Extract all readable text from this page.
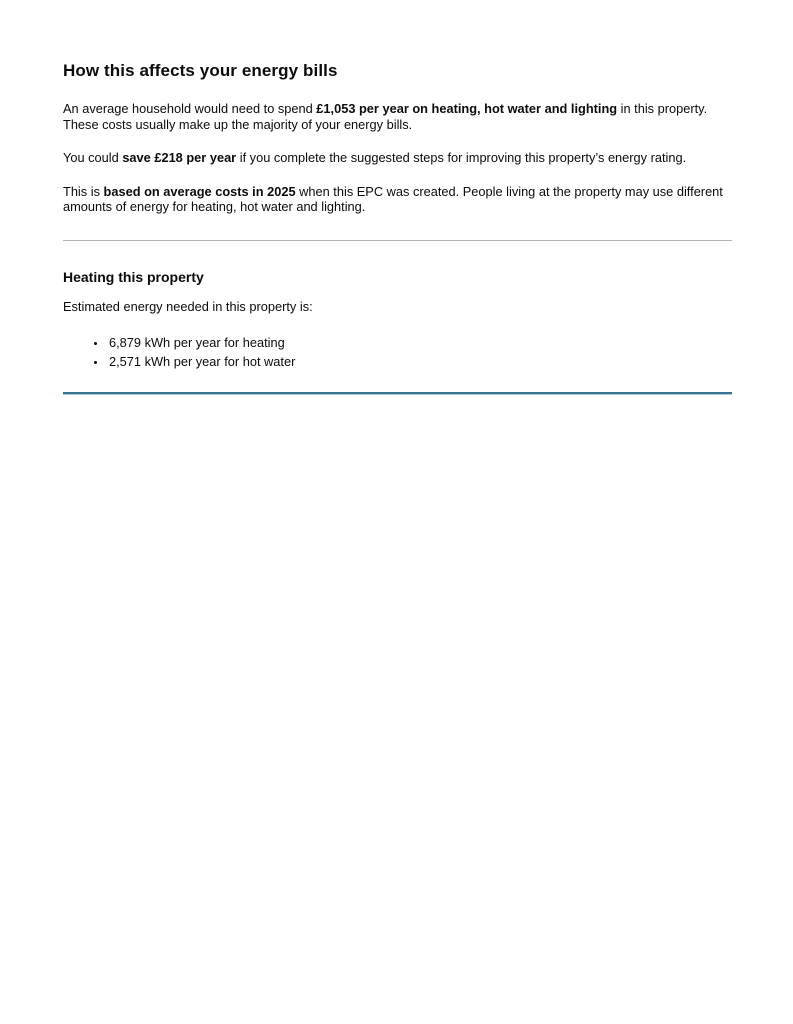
How this affects your energy bills

An average household would need to spend £1,053 per year on heating, hot water and lighting in this property. These costs usually make up the majority of your energy bills.

You could save £218 per year if you complete the suggested steps for improving this property’s energy rating.

This is based on average costs in 2025 when this EPC was created. People living at the property may use different amounts of energy for heating, hot water and lighting.

Heating this property

Estimated energy needed in this property is:

• 6,879 kWh per year for heating
• 2,571 kWh per year for hot water
